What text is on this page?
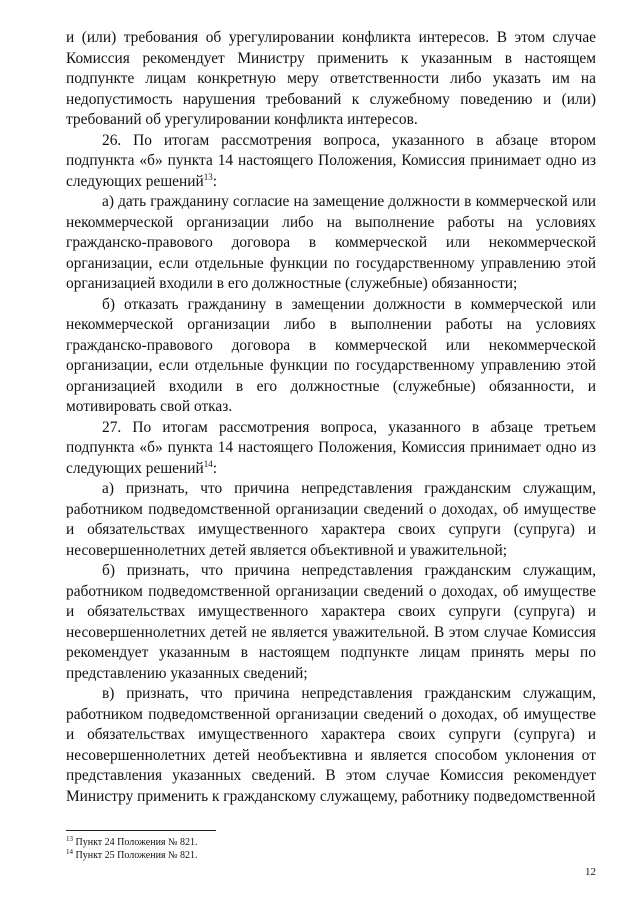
и (или) требования об урегулировании конфликта интересов. В этом случае Комиссия рекомендует Министру применить к указанным в настоящем подпункте лицам конкретную меру ответственности либо указать им на недопустимость нарушения требований к служебному поведению и (или) требований об урегулировании конфликта интересов.

26. По итогам рассмотрения вопроса, указанного в абзаце втором подпункта «б» пункта 14 настоящего Положения, Комиссия принимает одно из следующих решений$^{13}$:

а) дать гражданину согласие на замещение должности в коммерческой или некоммерческой организации либо на выполнение работы на условиях гражданско-правового договора в коммерческой или некоммерческой организации, если отдельные функции по государственному управлению этой организацией входили в его должностные (служебные) обязанности;

б) отказать гражданину в замещении должности в коммерческой или некоммерческой организации либо в выполнении работы на условиях гражданско-правового договора в коммерческой или некоммерческой организации, если отдельные функции по государственному управлению этой организацией входили в его должностные (служебные) обязанности, и мотивировать свой отказ.

27. По итогам рассмотрения вопроса, указанного в абзаце третьем подпункта «б» пункта 14 настоящего Положения, Комиссия принимает одно из следующих решений$^{14}$:

а) признать, что причина непредставления гражданским служащим, работником подведомственной организации сведений о доходах, об имуществе и обязательствах имущественного характера своих супруги (супруга) и несовершеннолетних детей является объективной и уважительной;

б) признать, что причина непредставления гражданским служащим, работником подведомственной организации сведений о доходах, об имуществе и обязательствах имущественного характера своих супруги (супруга) и несовершеннолетних детей не является уважительной. В этом случае Комиссия рекомендует указанным в настоящем подпункте лицам принять меры по представлению указанных сведений;

в) признать, что причина непредставления гражданским служащим, работником подведомственной организации сведений о доходах, об имуществе и обязательствах имущественного характера своих супруги (супруга) и несовершеннолетних детей необъективна и является способом уклонения от представления указанных сведений. В этом случае Комиссия рекомендует Министру применить к гражданскому служащему, работнику подведомственной

$^{13}$ Пункт 24 Положения № 821.
$^{14}$ Пункт 25 Положения № 821.
12
